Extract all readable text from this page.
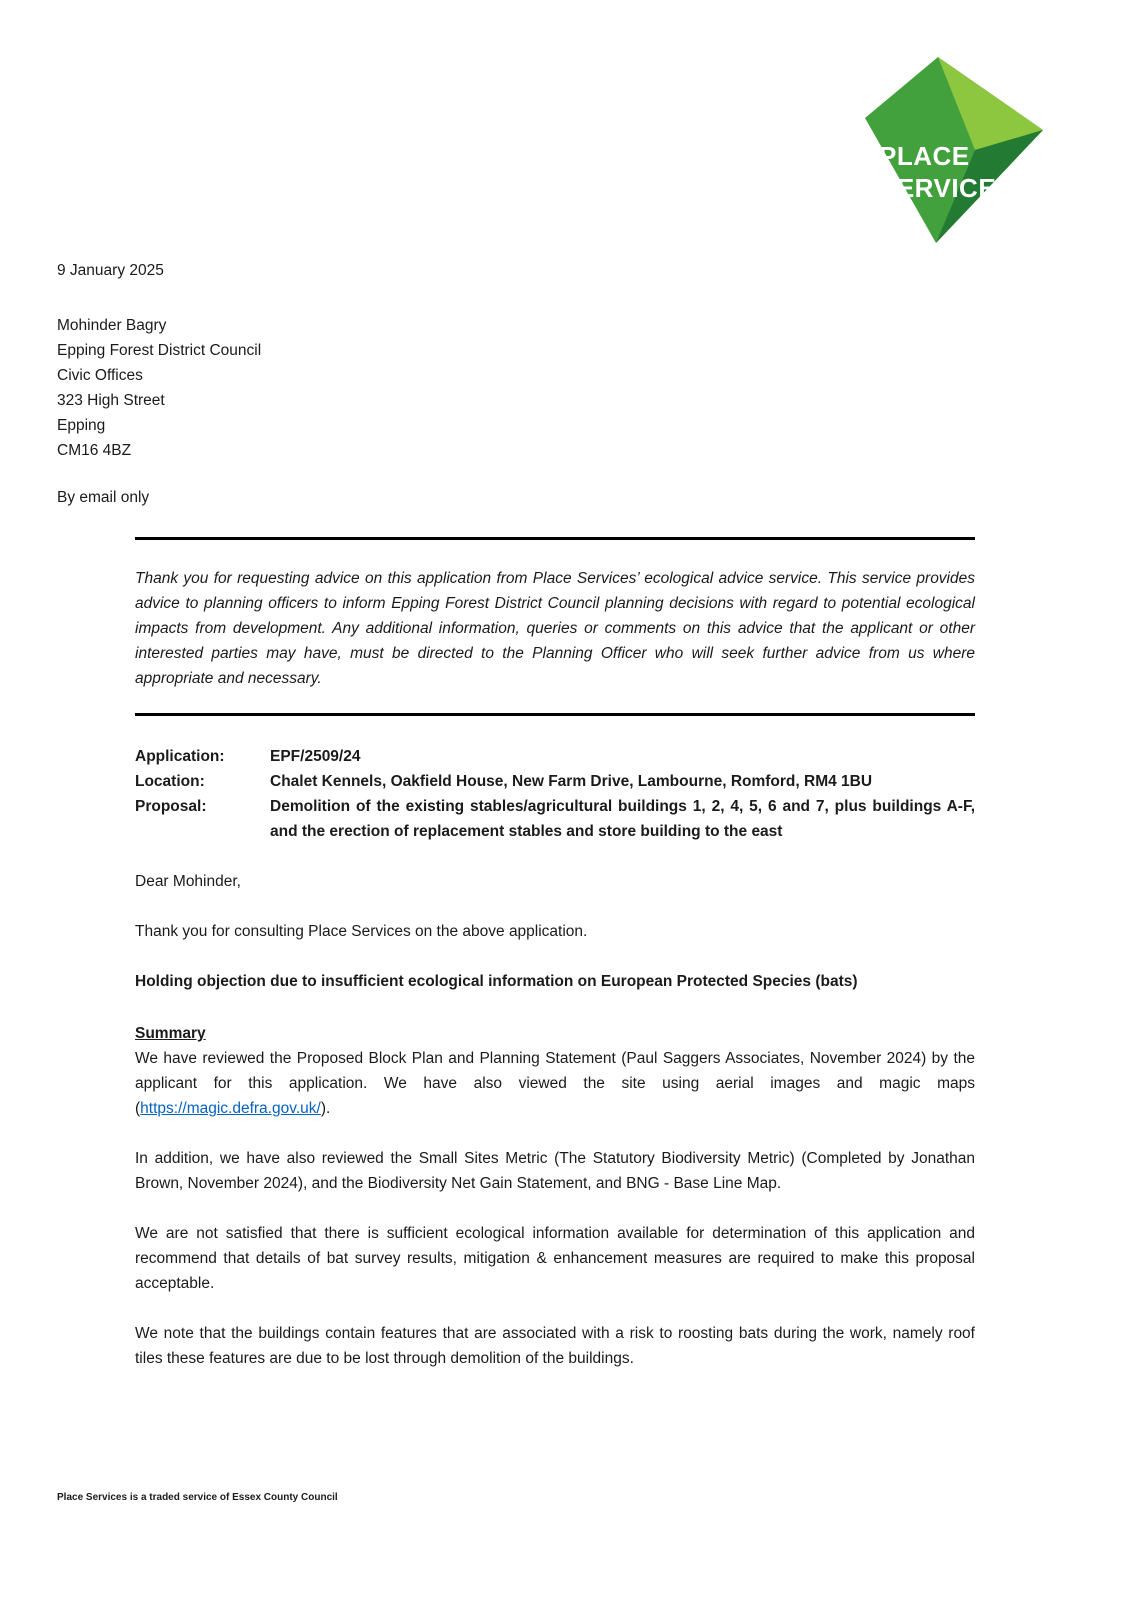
PLACE
SERVICES
9 January 2025
Mohinder Bagry
Epping Forest District Council
Civic Offices
323 High Street
Epping
CM16 4BZ
By email only

Thank you for requesting advice on this application from Place Services’ ecological advice service. This service provides advice to planning officers to inform Epping Forest District Council planning decisions with regard to potential ecological impacts from development. Any additional information, queries or comments on this advice that the applicant or other interested parties may have, must be directed to the Planning Officer who will seek further advice from us where appropriate and necessary.

Application:	EPF/2509/24
Location:	Chalet Kennels, Oakfield House, New Farm Drive, Lambourne, Romford, RM4 1BU
Proposal:	Demolition of the existing stables/agricultural buildings 1, 2, 4, 5, 6 and 7, plus buildings A-F, and the erection of replacement stables and store building to the east

Dear Mohinder,

Thank you for consulting Place Services on the above application.

Holding objection due to insufficient ecological information on European Protected Species (bats)

Summary

We have reviewed the Proposed Block Plan and Planning Statement (Paul Saggers Associates, November 2024) by the applicant for this application. We have also viewed the site using aerial images and magic maps (https://magic.defra.gov.uk/).

In addition, we have also reviewed the Small Sites Metric (The Statutory Biodiversity Metric) (Completed by Jonathan Brown, November 2024), and the Biodiversity Net Gain Statement, and BNG - Base Line Map.

We are not satisfied that there is sufficient ecological information available for determination of this application and recommend that details of bat survey results, mitigation & enhancement measures are required to make this proposal acceptable.

We note that the buildings contain features that are associated with a risk to roosting bats during the work, namely roof tiles these features are due to be lost through demolition of the buildings.

Place Services is a traded service of Essex County Council
